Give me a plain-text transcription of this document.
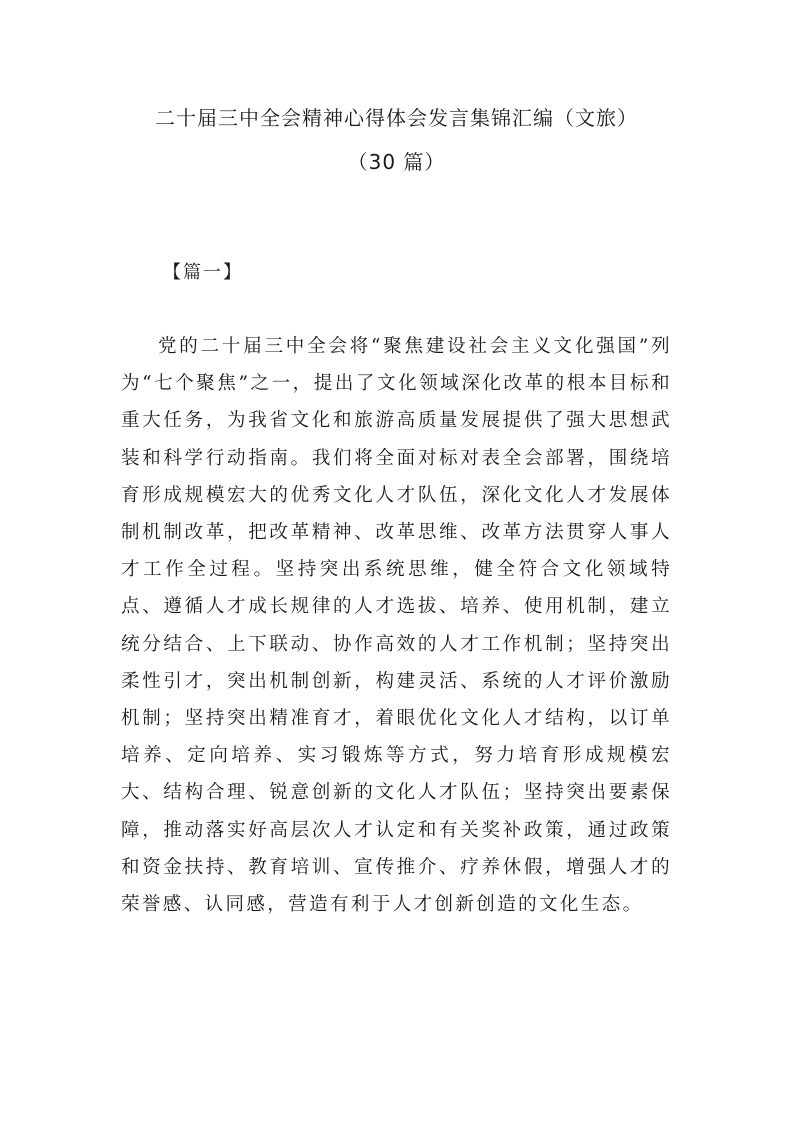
二十届三中全会精神心得体会发言集锦汇编（文旅）
（30 篇）
【篇一】

党的二十届三中全会将“聚焦建设社会主义文化强国”列为“七个聚焦”之一，提出了文化领域深化改革的根本目标和重大任务，为我省文化和旅游高质量发展提供了强大思想武装和科学行动指南。我们将全面对标对表全会部署，围绕培育形成规模宏大的优秀文化人才队伍，深化文化人才发展体制机制改革，把改革精神、改革思维、改革方法贯穿人事人才工作全过程。坚持突出系统思维，健全符合文化领域特点、遵循人才成长规律的人才选拔、培养、使用机制，建立统分结合、上下联动、协作高效的人才工作机制；坚持突出柔性引才，突出机制创新，构建灵活、系统的人才评价激励机制；坚持突出精准育才，着眼优化文化人才结构，以订单培养、定向培养、实习锻炼等方式，努力培育形成规模宏大、结构合理、锐意创新的文化人才队伍；坚持突出要素保障，推动落实好高层次人才认定和有关奖补政策，通过政策和资金扶持、教育培训、宣传推介、疗养休假，增强人才的荣誉感、认同感，营造有利于人才创新创造的文化生态。
